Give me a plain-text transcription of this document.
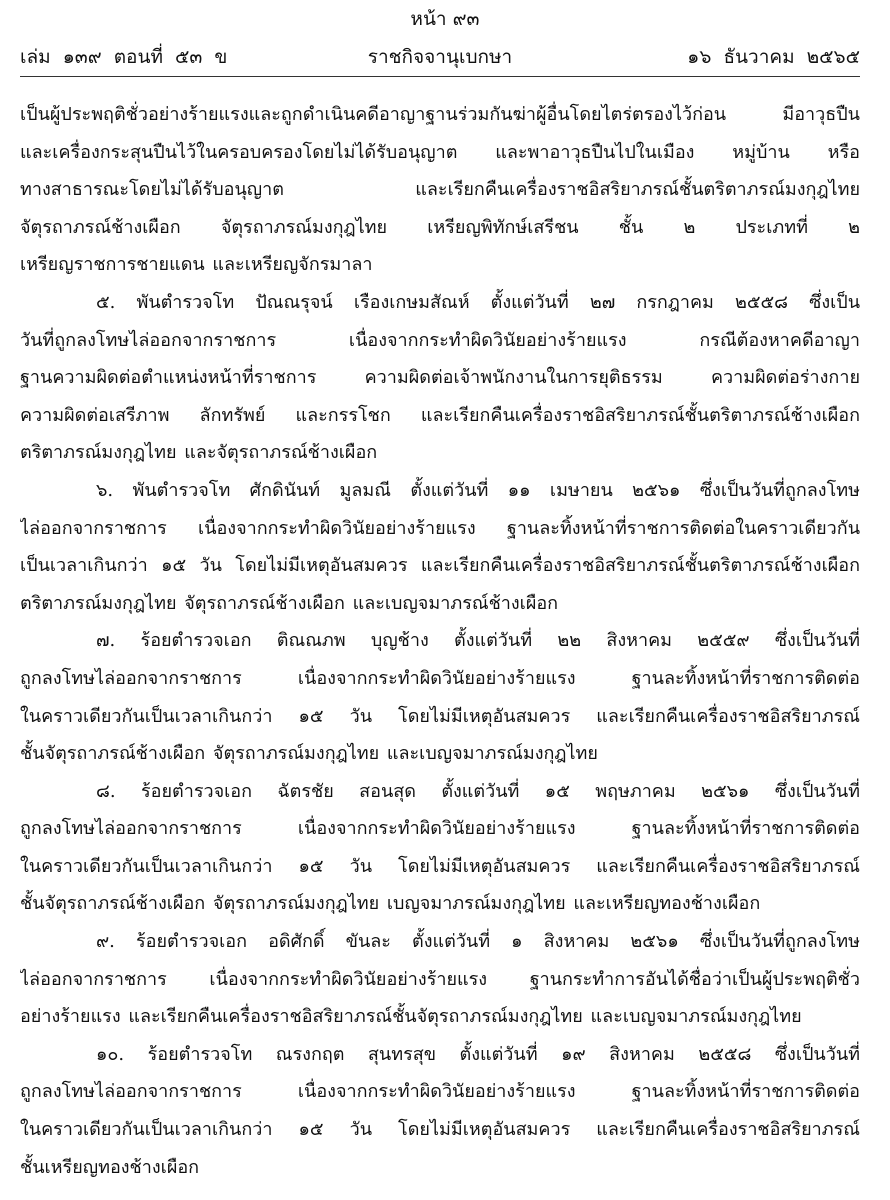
หน้า ๙๓
เล่ม ๑๓๙ ตอนที่ ๕๓ ข	ราชกิจจานุเบกษา	๑๖ ธันวาคม ๒๕๖๕
เป็นผู้ประพฤติชั่วอย่างร้ายแรงและถูกดำเนินคดีอาญาฐานร่วมกันฆ่าผู้อื่นโดยไตร่ตรองไว้ก่อน มีอาวุธปืน
และเครื่องกระสุนปืนไว้ในครอบครองโดยไม่ได้รับอนุญาต และพาอาวุธปืนไปในเมือง หมู่บ้าน หรือ
ทางสาธารณะโดยไม่ได้รับอนุญาต และเรียกคืนเครื่องราชอิสริยาภรณ์ชั้นตริตาภรณ์มงกุฎไทย
จัตุรถาภรณ์ช้างเผือก จัตุรถาภรณ์มงกุฎไทย เหรียญพิทักษ์เสรีชน ชั้น ๒ ประเภทที่ ๒
เหรียญราชการชายแดน และเหรียญจักรมาลา
๕. พันตำรวจโท ปัณณรุจน์ เรืองเกษมสัณห์ ตั้งแต่วันที่ ๒๗ กรกฎาคม ๒๕๕๘ ซึ่งเป็น
วันที่ถูกลงโทษไล่ออกจากราชการ เนื่องจากกระทำผิดวินัยอย่างร้ายแรง กรณีต้องหาคดีอาญา
ฐานความผิดต่อตำแหน่งหน้าที่ราชการ ความผิดต่อเจ้าพนักงานในการยุติธรรม ความผิดต่อร่างกาย
ความผิดต่อเสรีภาพ ลักทรัพย์ และกรรโชก และเรียกคืนเครื่องราชอิสริยาภรณ์ชั้นตริตาภรณ์ช้างเผือก
ตริตาภรณ์มงกุฎไทย และจัตุรถาภรณ์ช้างเผือก
๖. พันตำรวจโท ศักดินันท์ มูลมณี ตั้งแต่วันที่ ๑๑ เมษายน ๒๕๖๑ ซึ่งเป็นวันที่ถูกลงโทษ
ไล่ออกจากราชการ เนื่องจากกระทำผิดวินัยอย่างร้ายแรง ฐานละทิ้งหน้าที่ราชการติดต่อในคราวเดียวกัน
เป็นเวลาเกินกว่า ๑๕ วัน โดยไม่มีเหตุอันสมควร และเรียกคืนเครื่องราชอิสริยาภรณ์ชั้นตริตาภรณ์ช้างเผือก
ตริตาภรณ์มงกุฎไทย จัตุรถาภรณ์ช้างเผือก และเบญจมาภรณ์ช้างเผือก
๗. ร้อยตำรวจเอก ติณณภพ บุญช้าง ตั้งแต่วันที่ ๒๒ สิงหาคม ๒๕๕๙ ซึ่งเป็นวันที่
ถูกลงโทษไล่ออกจากราชการ เนื่องจากกระทำผิดวินัยอย่างร้ายแรง ฐานละทิ้งหน้าที่ราชการติดต่อ
ในคราวเดียวกันเป็นเวลาเกินกว่า ๑๕ วัน โดยไม่มีเหตุอันสมควร และเรียกคืนเครื่องราชอิสริยาภรณ์
ชั้นจัตุรถาภรณ์ช้างเผือก จัตุรถาภรณ์มงกุฎไทย และเบญจมาภรณ์มงกุฎไทย
๘. ร้อยตำรวจเอก ฉัตรชัย สอนสุด ตั้งแต่วันที่ ๑๕ พฤษภาคม ๒๕๖๑ ซึ่งเป็นวันที่
ถูกลงโทษไล่ออกจากราชการ เนื่องจากกระทำผิดวินัยอย่างร้ายแรง ฐานละทิ้งหน้าที่ราชการติดต่อ
ในคราวเดียวกันเป็นเวลาเกินกว่า ๑๕ วัน โดยไม่มีเหตุอันสมควร และเรียกคืนเครื่องราชอิสริยาภรณ์
ชั้นจัตุรถาภรณ์ช้างเผือก จัตุรถาภรณ์มงกุฎไทย เบญจมาภรณ์มงกุฎไทย และเหรียญทองช้างเผือก
๙. ร้อยตำรวจเอก อดิศักดิ์ ขันละ ตั้งแต่วันที่ ๑ สิงหาคม ๒๕๖๑ ซึ่งเป็นวันที่ถูกลงโทษ
ไล่ออกจากราชการ เนื่องจากกระทำผิดวินัยอย่างร้ายแรง ฐานกระทำการอันได้ชื่อว่าเป็นผู้ประพฤติชั่ว
อย่างร้ายแรง และเรียกคืนเครื่องราชอิสริยาภรณ์ชั้นจัตุรถาภรณ์มงกุฎไทย และเบญจมาภรณ์มงกุฎไทย
๑๐. ร้อยตำรวจโท ณรงกฤต สุนทรสุข ตั้งแต่วันที่ ๑๙ สิงหาคม ๒๕๕๘ ซึ่งเป็นวันที่
ถูกลงโทษไล่ออกจากราชการ เนื่องจากกระทำผิดวินัยอย่างร้ายแรง ฐานละทิ้งหน้าที่ราชการติดต่อ
ในคราวเดียวกันเป็นเวลาเกินกว่า ๑๕ วัน โดยไม่มีเหตุอันสมควร และเรียกคืนเครื่องราชอิสริยาภรณ์
ชั้นเหรียญทองช้างเผือก
